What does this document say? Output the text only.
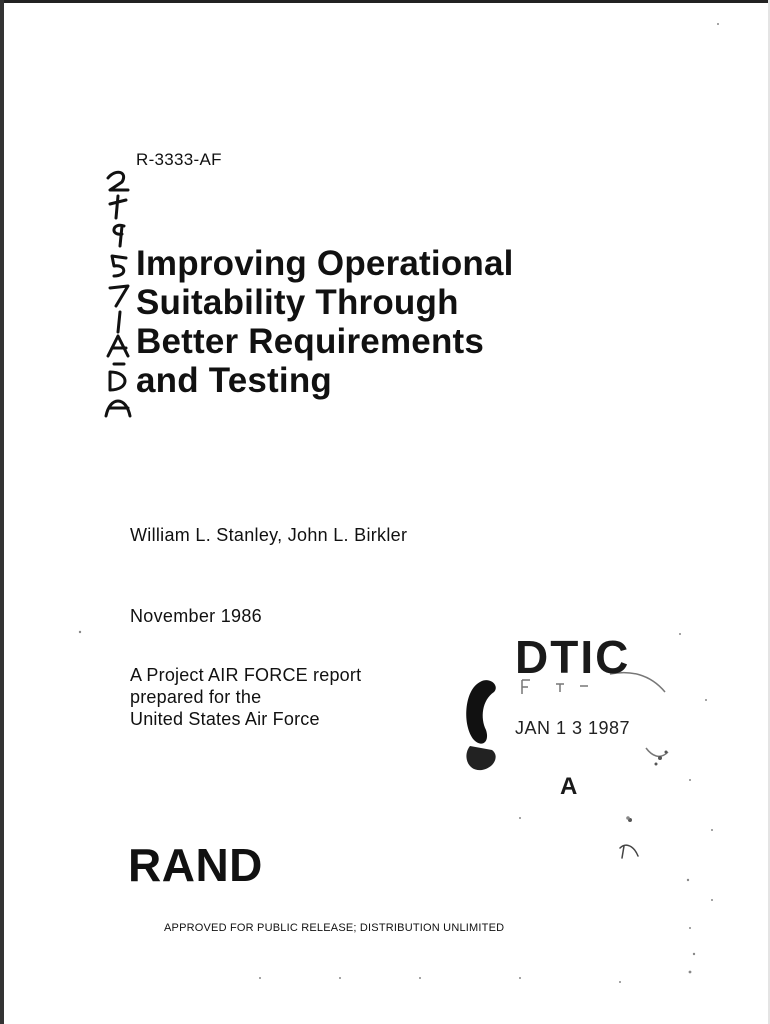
R-3333-AF
Improving Operational
Suitability Through
Better Requirements
and Testing
William L. Stanley, John L. Birkler
November 1986
A Project AIR FORCE report
prepared for the
United States Air Force
DTIC
JAN 1 3 1987
A
RAND
APPROVED FOR PUBLIC RELEASE; DISTRIBUTION UNLIMITED
